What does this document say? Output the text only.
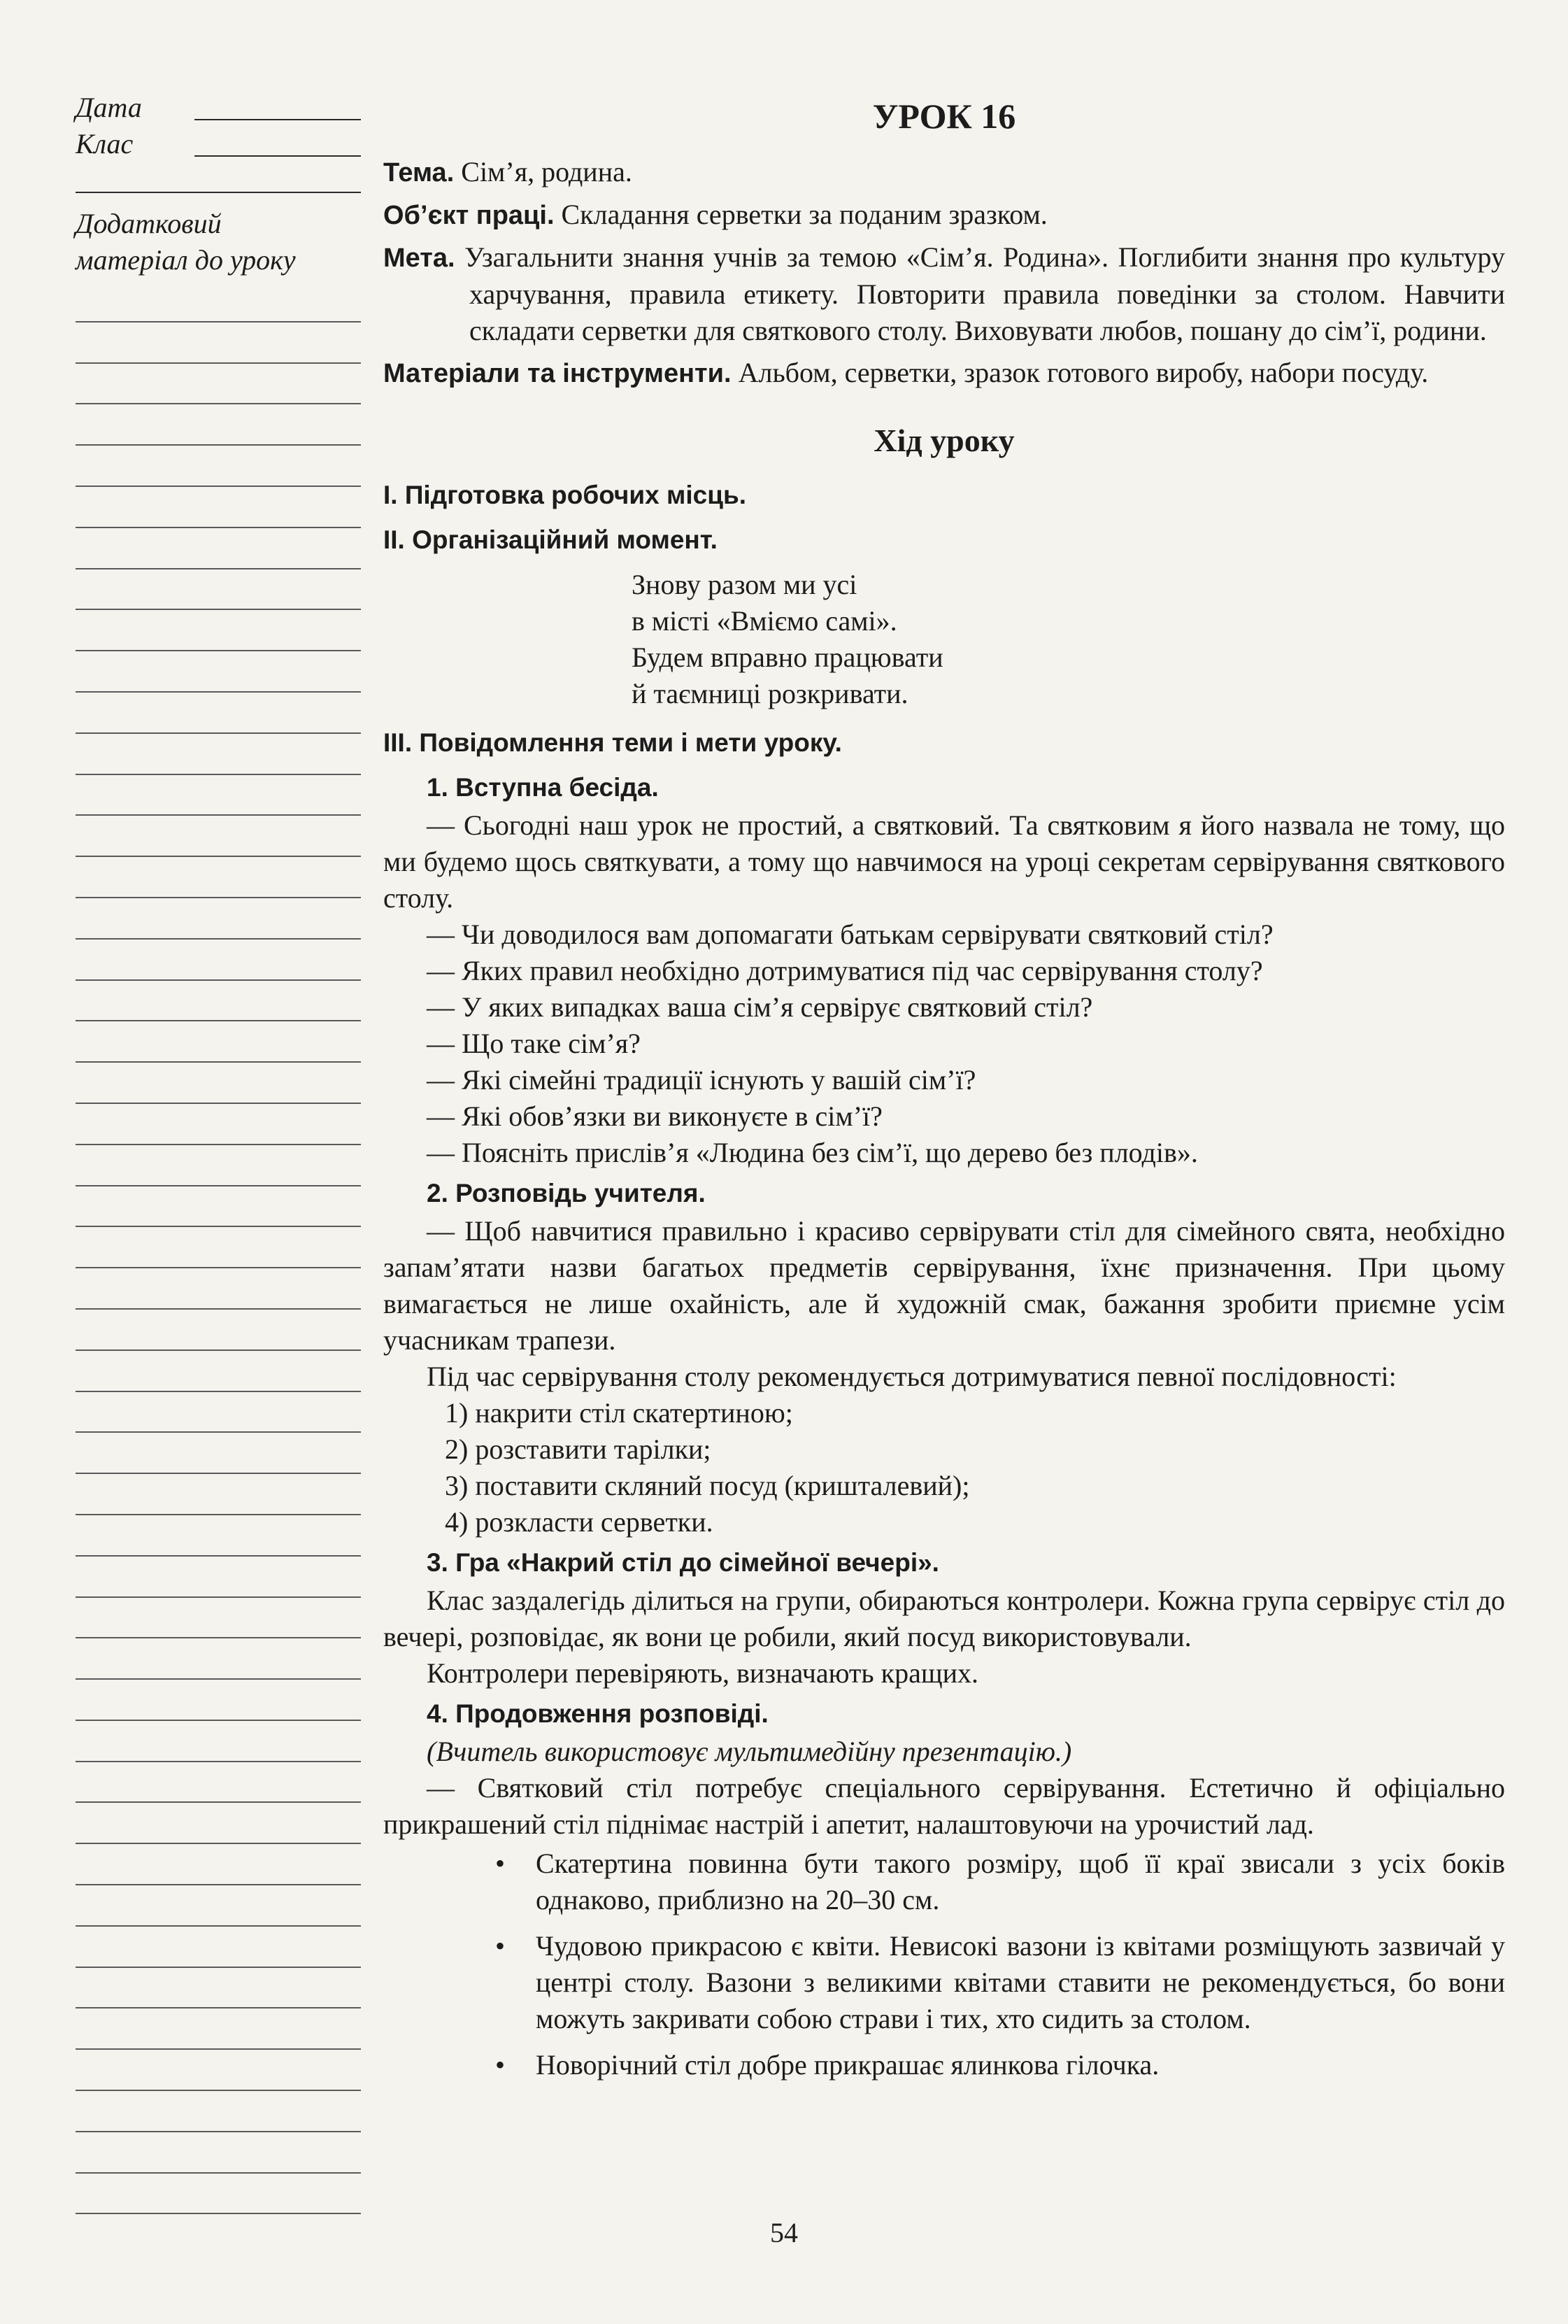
Дата
Клас
Додатковий
матеріал до уроку
УРОК 16

Тема. Сім’я, родина.

Об’єкт праці. Складання серветки за поданим зразком.

Мета. Узагальнити знання учнів за темою «Сім’я. Родина». Поглибити знання про культуру харчування, правила етикету. Повторити правила поведінки за столом. Навчити складати серветки для святкового столу. Виховувати любов, пошану до сім’ї, родини.

Матеріали та інструменти. Альбом, серветки, зразок готового виробу, набори посуду.

Хід уроку
I. Підготовка робочих місць.
II. Організаційний момент.
Знову разом ми усі
в місті «Вміємо самі».
Будем вправно працювати
й таємниці розкривати.
III. Повідомлення теми і мети уроку.
1. Вступна бесіда.

— Сьогодні наш урок не простий, а святковий. Та святковим я його назвала не тому, що ми будемо щось святкувати, а тому що навчимося на уроці секретам сервірування святкового столу.

— Чи доводилося вам допомагати батькам сервірувати святковий стіл?

— Яких правил необхідно дотримуватися під час сервірування столу?

— У яких випадках ваша сім’я сервірує святковий стіл?

— Що таке сім’я?

— Які сімейні традиції існують у вашій сім’ї?

— Які обов’язки ви виконуєте в сім’ї?

— Поясніть прислів’я «Людина без сім’ї, що дерево без плодів».

2. Розповідь учителя.

— Щоб навчитися правильно і красиво сервірувати стіл для сімейного свята, необхідно запам’ятати назви багатьох предметів сервірування, їхнє призначення. При цьому вимагається не лише охайність, але й художній смак, бажання зробити приємне усім учасникам трапези.

Під час сервірування столу рекомендується дотримуватися певної послідовності:

1) накрити стіл скатертиною;

2) розставити тарілки;

3) поставити скляний посуд (кришталевий);

4) розкласти серветки.

3. Гра «Накрий стіл до сімейної вечері».

Клас заздалегідь ділиться на групи, обираються контролери. Кожна група сервірує стіл до вечері, розповідає, як вони це робили, який посуд використовували.

Контролери перевіряють, визначають кращих.

4. Продовження розповіді.

(Вчитель використовує мультимедійну презентацію.)

— Святковий стіл потребує спеціального сервірування. Естетично й офіціально прикрашений стіл піднімає настрій і апетит, налаштовуючи на урочистий лад.

• Скатертина повинна бути такого розміру, щоб її краї звисали з усіх боків однаково, приблизно на 20–30 см.
• Чудовою прикрасою є квіти. Невисокі вазони із квітами розміщують зазвичай у центрі столу. Вазони з великими квітами ставити не рекомендується, бо вони можуть закривати собою страви і тих, хто сидить за столом.
• Новорічний стіл добре прикрашає ялинкова гілочка.
54
